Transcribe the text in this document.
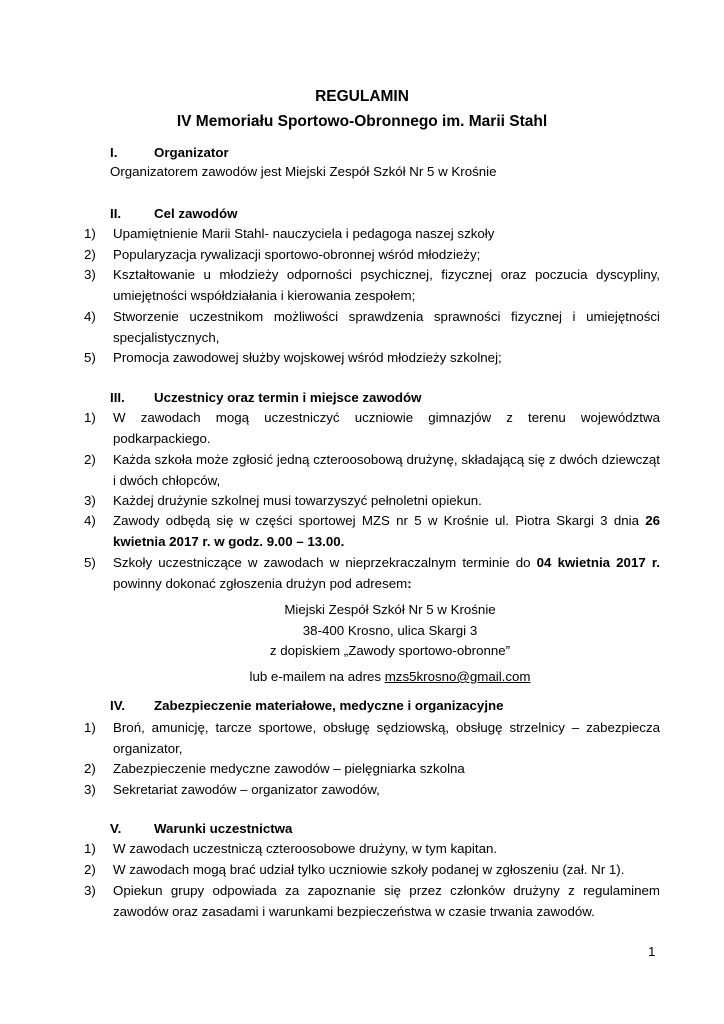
REGULAMIN
IV Memoriału Sportowo-Obronnego im. Marii Stahl
I.	Organizator
Organizatorem zawodów jest Miejski Zespół Szkół Nr 5 w Krośnie
II. Cel zawodów
1) Upamiętnienie Marii Stahl- nauczyciela i pedagoga naszej szkoły
2) Popularyzacja rywalizacji sportowo-obronnej wśród młodzieży;
3) Kształtowanie u młodzieży odporności psychicznej, fizycznej oraz poczucia dyscypliny, umiejętności współdziałania i kierowania zespołem;
4) Stworzenie uczestnikom możliwości sprawdzenia sprawności fizycznej i umiejętności specjalistycznych,
5) Promocja zawodowej służby wojskowej wśród młodzieży szkolnej;
III. Uczestnicy oraz termin i miejsce zawodów
1) W zawodach mogą uczestniczyć uczniowie gimnazjów z terenu województwa podkarpackiego.
2) Każda szkoła może zgłosić jedną czteroosobową drużynę, składającą się z dwóch dziewcząt i dwóch chłopców,
3) Każdej drużynie szkolnej musi towarzyszyć pełnoletni opiekun.
4) Zawody odbędą się w części sportowej MZS nr 5 w Krośnie ul. Piotra Skargi 3 dnia 26 kwietnia 2017 r. w godz. 9.00 – 13.00.
5) Szkoły uczestniczące w zawodach w nieprzekraczalnym terminie do 04 kwietnia 2017 r. powinny dokonać zgłoszenia drużyn pod adresem:
Miejski Zespół Szkół Nr 5 w Krośnie
38-400 Krosno, ulica Skargi 3
z dopiskiem „Zawody sportowo-obronne”
lub e-mailem na adres mzs5krosno@gmail.com
IV. Zabezpieczenie materiałowe, medyczne i organizacyjne
1) Broń, amunicję, tarcze sportowe, obsługę sędziowską, obsługę strzelnicy – zabezpiecza organizator,
2) Zabezpieczenie medyczne zawodów – pielęgniarka szkolna
3) Sekretariat zawodów – organizator zawodów,
V. Warunki uczestnictwa
1) W zawodach uczestniczą czteroosobowe drużyny, w tym kapitan.
2) W zawodach mogą brać udział tylko uczniowie szkoły podanej w zgłoszeniu (zał. Nr 1).
3) Opiekun grupy odpowiada za zapoznanie się przez członków drużyny z regulaminem zawodów oraz zasadami i warunkami bezpieczeństwa w czasie trwania zawodów.
1
